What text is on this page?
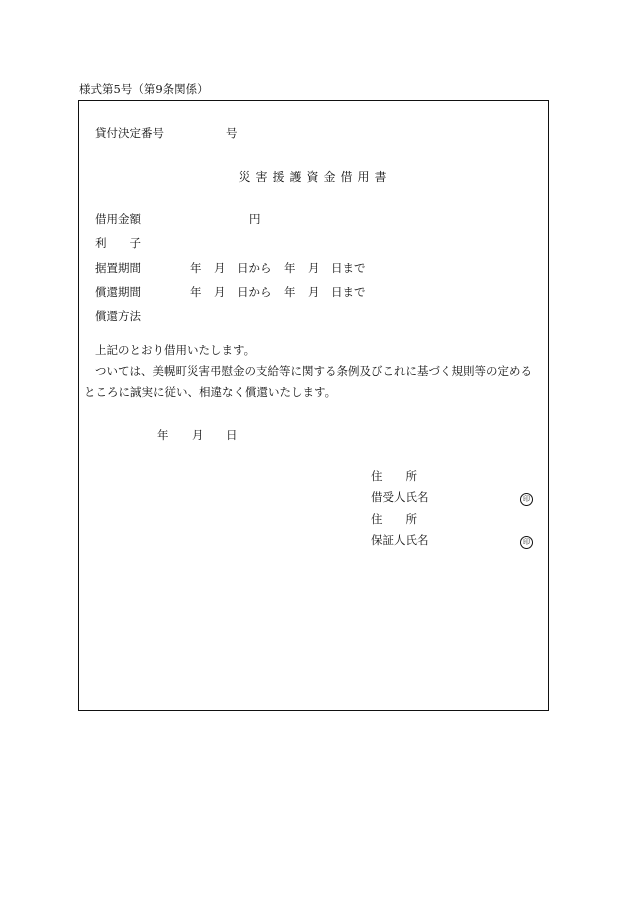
様式第5号（第9条関係）
貸付決定番号	号
災害援護資金借用書
借用金額	円
利　　子
据置期間	年 月 日から 年 月 日まで
償還期間	年 月 日から 年 月 日まで
償還方法
上記のとおり借用いたします。
ついては、美幌町災害弔慰金の支給等に関する条例及びこれに基づく規則等の定める
ところに誠実に従い、相違なく償還いたします。
年 月 日
住　　所
借受人氏名	印
住　　所
保証人氏名	印
